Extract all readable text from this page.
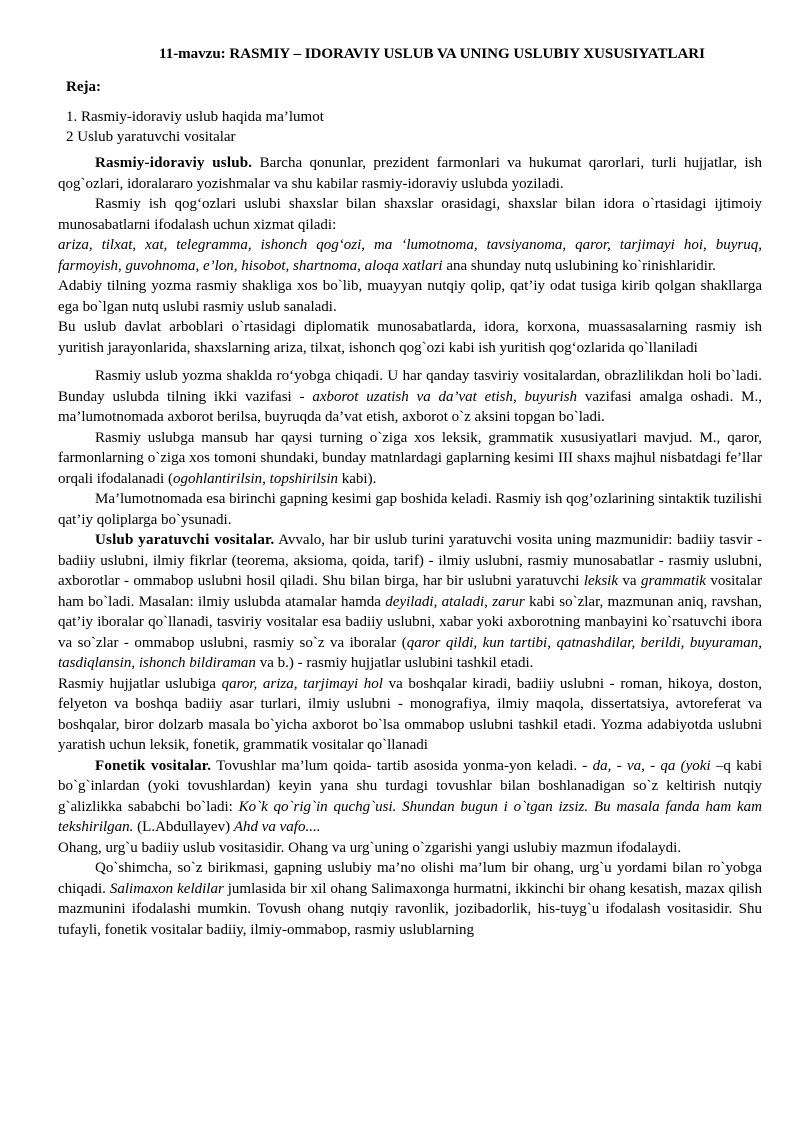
11-mavzu: RASMIY – IDORAVIY USLUB VA UNING USLUBIY XUSUSIYATLARI
Reja:
1. Rasmiy-idoraviy uslub haqida ma’lumot
2 Uslub yaratuvchi vositalar

Rasmiy-idoraviy uslub. Barcha qonunlar, prezident farmonlari va hukumat qarorlari, turli hujjatlar, ish qog`ozlari, idoralararo yozishmalar va shu kabilar rasmiy-idoraviy uslubda yoziladi.

Rasmiy ish qog‘ozlari uslubi shaxslar bilan shaxslar orasidagi, shaxslar bilan idora o`rtasidagi ijtimoiy munosabatlarni ifodalash uchun xizmat qiladi:

ariza, tilxat, xat, telegramma, ishonch qog‘ozi, ma ‘lumotnoma, tavsiyanoma, qaror, tarjimayi hoi, buyruq, farmoyish, guvohnoma, e’lon, hisobot, shartnoma, aloqa xatlari ana shunday nutq uslubining ko`rinishlaridir.

Adabiy tilning yozma rasmiy shakliga xos bo`lib, muayyan nutqiy qolip, qat’iy odat tusiga kirib qolgan shakllarga ega bo`lgan nutq uslubi rasmiy uslub sanaladi.

Bu uslub davlat arboblari o`rtasidagi diplomatik munosabatlarda, idora, korxona, muassasalarning rasmiy ish yuritish jarayonlarida, shaxslarning ariza, tilxat, ishonch qog`ozi kabi ish yuritish qog‘ozlarida qo`llaniladi

Rasmiy uslub yozma shaklda ro‘yobga chiqadi. U har qanday tasviriy vositalardan, obrazlilikdan holi bo`ladi. Bunday uslubda tilning ikki vazifasi - axborot uzatish va da’vat etish, buyurish vazifasi amalga oshadi. M., ma’lumotnomada axborot berilsa, buyruqda da’vat etish, axborot o`z aksini topgan bo`ladi.

Rasmiy uslubga mansub har qaysi turning o`ziga xos leksik, grammatik xususiyatlari mavjud. M., qaror, farmonlarning o`ziga xos tomoni shundaki, bunday matnlardagi gaplarning kesimi III shaxs majhul nisbatdagi fe’llar orqali ifodalanadi (ogohlantirilsin, topshirilsin kabi).

Ma’lumotnomada esa birinchi gapning kesimi gap boshida keladi. Rasmiy ish qog’ozlarining sintaktik tuzilishi qat’iy qoliplarga bo`ysunadi.

Uslub yaratuvchi vositalar. Avvalo, har bir uslub turini yaratuvchi vosita uning mazmunidir: badiiy tasvir - badiiy uslubni, ilmiy fikrlar (teorema, aksioma, qoida, tarif) - ilmiy uslubni, rasmiy munosabatlar - rasmiy uslubni, axborotlar - ommabop uslubni hosil qiladi. Shu bilan birga, har bir uslubni yaratuvchi leksik va grammatik vositalar ham bo`ladi. Masalan: ilmiy uslubda atamalar hamda deyiladi, ataladi, zarur kabi so`zlar, mazmunan aniq, ravshan, qat’iy iboralar qo`llanadi, tasviriy vositalar esa badiiy uslubni, xabar yoki axborotning manbayini ko`rsatuvchi ibora va so`zlar - ommabop uslubni, rasmiy so`z va iboralar (qaror qildi, kun tartibi, qatnashdilar, berildi, buyuraman, tasdiqlansin, ishonch bildiraman va b.) - rasmiy hujjatlar uslubini tashkil etadi.

Rasmiy hujjatlar uslubiga qaror, ariza, tarjimayi hol va boshqalar kiradi, badiiy uslubni - roman, hikoya, doston, felyeton va boshqa badiiy asar turlari, ilmiy uslubni - monografiya, ilmiy maqola, dissertatsiya, avtoreferat va boshqalar, biror dolzarb masala bo`yicha axborot bo`lsa ommabop uslubni tashkil etadi. Yozma adabiyotda uslubni yaratish uchun leksik, fonetik, grammatik vositalar qo`llanadi

Fonetik vositalar. Tovushlar ma’lum qoida- tartib asosida yonma-yon keladi. - da, - va, - qa (yoki –q kabi bo`g`inlardan (yoki tovushlardan) keyin yana shu turdagi tovushlar bilan boshlanadigan so`z keltirish nutqiy g`alizlikka sababchi bo`ladi: Ko`k qo`rig`in quchg`usi. Shundan bugun i o`tgan izsiz. Bu masala fanda ham kam tekshirilgan. (L.Abdullayev) Ahd va vafo....

Ohang, urg`u badiiy uslub vositasidir. Ohang va urg`uning o`zgarishi yangi uslubiy mazmun ifodalaydi.

Qo`shimcha, so`z birikmasi, gapning uslubiy ma’no olishi ma’lum bir ohang, urg`u yordami bilan ro`yobga chiqadi. Salimaxon keldilar jumlasida bir xil ohang Salimaxonga hurmatni, ikkinchi bir ohang kesatish, mazax qilish mazmunini ifodalashi mumkin. Tovush ohang nutqiy ravonlik, jozibadorlik, his-tuyg`u ifodalash vositasidir. Shu tufayli, fonetik vositalar badiiy, ilmiy-ommabop, rasmiy uslublarning
